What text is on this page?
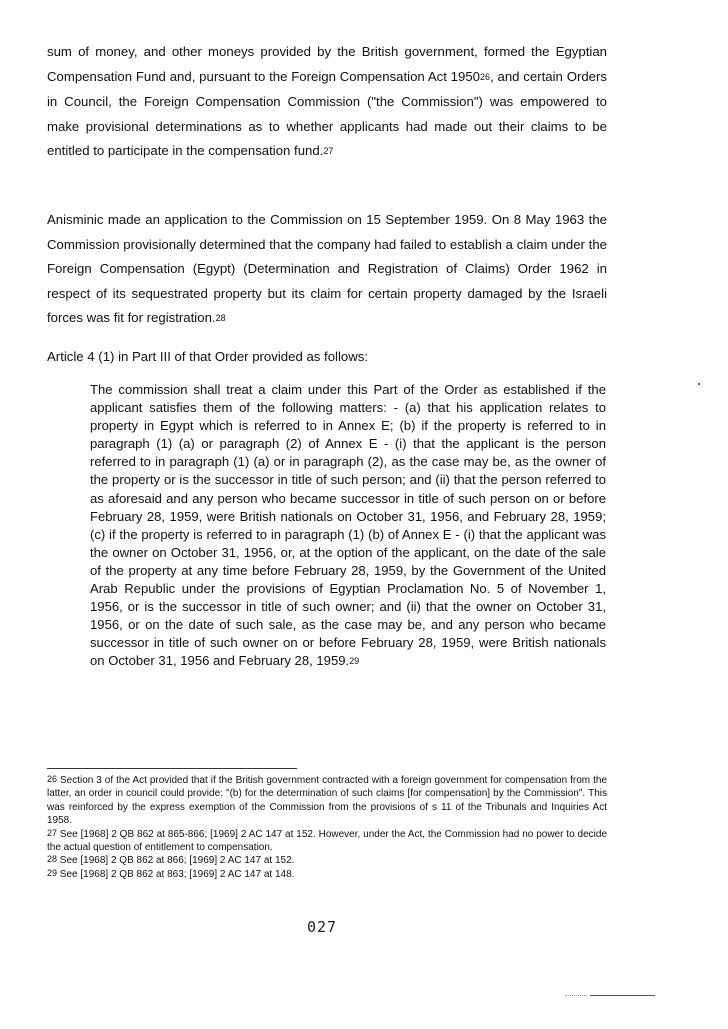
sum of money, and other moneys provided by the British government, formed the Egyptian Compensation Fund and, pursuant to the Foreign Compensation Act 1950$^{26}$, and certain Orders in Council, the Foreign Compensation Commission ("the Commission") was empowered to make provisional determinations as to whether applicants had made out their claims to be entitled to participate in the compensation fund.$^{27}$

Anisminic made an application to the Commission on 15 September 1959. On 8 May 1963 the Commission provisionally determined that the company had failed to establish a claim under the Foreign Compensation (Egypt) (Determination and Registration of Claims) Order 1962 in respect of its sequestrated property but its claim for certain property damaged by the Israeli forces was fit for registration.$^{28}$

Article 4 (1) in Part III of that Order provided as follows:

The commission shall treat a claim under this Part of the Order as established if the applicant satisfies them of the following matters: - (a) that his application relates to property in Egypt which is referred to in Annex E; (b) if the property is referred to in paragraph (1) (a) or paragraph (2) of Annex E - (i) that the applicant is the person referred to in paragraph (1) (a) or in paragraph (2), as the case may be, as the owner of the property or is the successor in title of such person; and (ii) that the person referred to as aforesaid and any person who became successor in title of such person on or before February 28, 1959, were British nationals on October 31, 1956, and February 28, 1959; (c) if the property is referred to in paragraph (1) (b) of Annex E - (i) that the applicant was the owner on October 31, 1956, or, at the option of the applicant, on the date of the sale of the property at any time before February 28, 1959, by the Government of the United Arab Republic under the provisions of Egyptian Proclamation No. 5 of November 1, 1956, or is the successor in title of such owner; and (ii) that the owner on October 31, 1956, or on the date of such sale, as the case may be, and any person who became successor in title of such owner on or before February 28, 1959, were British nationals on October 31, 1956 and February 28, 1959.29

$^{26}$ Section 3 of the Act provided that if the British government contracted with a foreign government for compensation from the latter, an order in council could provide: "(b) for the determination of such claims [for compensation] by the Commission". This was reinforced by the express exemption of the Commission from the provisions of s 11 of the Tribunals and Inquiries Act 1958.

$^{27}$ See [1968] 2 QB 862 at 865-866; [1969] 2 AC 147 at 152. However, under the Act, the Commission had no power to decide the actual question of entitlement to compensation.

$^{28}$ See [1968] 2 QB 862 at 866; [1969] 2 AC 147 at 152.

$^{29}$ See [1968] 2 QB 862 at 863; [1969] 2 AC 147 at 148.

027
